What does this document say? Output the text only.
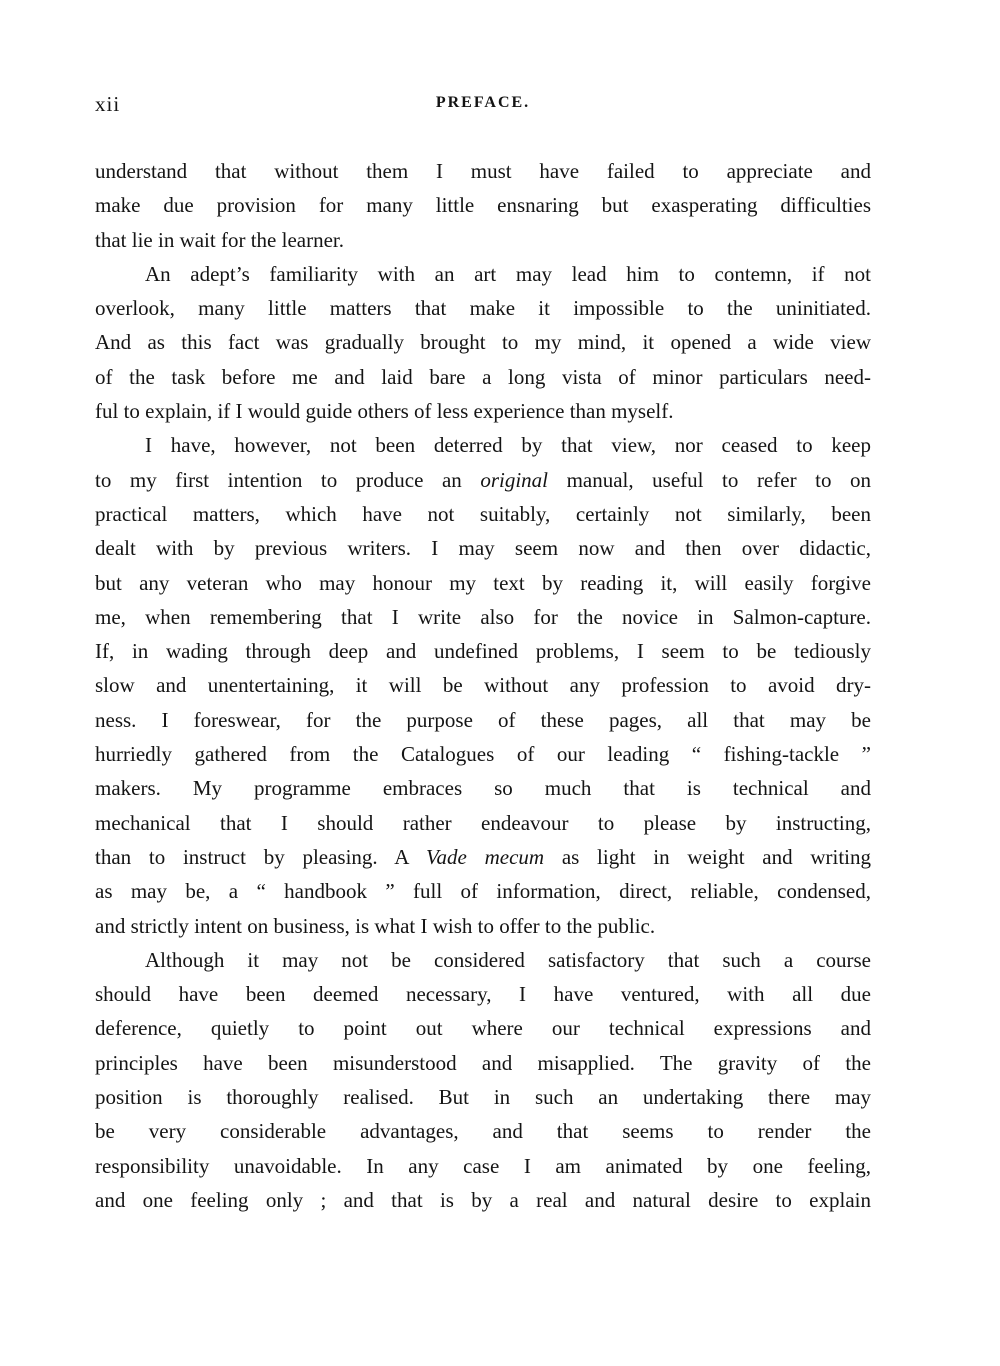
xii	PREFACE.

understand that without them I must have failed to appreciate and
make due provision for many little ensnaring but exasperating difficulties
that lie in wait for the learner.

An adept’s familiarity with an art may lead him to contemn, if not
overlook, many little matters that make it impossible to the uninitiated.
And as this fact was gradually brought to my mind, it opened a wide view
of the task before me and laid bare a long vista of minor particulars need-
ful to explain, if I would guide others of less experience than myself.

I have, however, not been deterred by that view, nor ceased to keep
to my first intention to produce an original manual, useful to refer to on
practical matters, which have not suitably, certainly not similarly, been
dealt with by previous writers. I may seem now and then over didactic,
but any veteran who may honour my text by reading it, will easily forgive
me, when remembering that I write also for the novice in Salmon-capture.
If, in wading through deep and undefined problems, I seem to be tediously
slow and unentertaining, it will be without any profession to avoid dry-
ness. I foreswear, for the purpose of these pages, all that may be
hurriedly gathered from the Catalogues of our leading “ fishing-tackle ”
makers. My programme embraces so much that is technical and
mechanical that I should rather endeavour to please by instructing,
than to instruct by pleasing. A Vade mecum as light in weight and writing
as may be, a “ handbook ” full of information, direct, reliable, condensed,
and strictly intent on business, is what I wish to offer to the public.

Although it may not be considered satisfactory that such a course
should have been deemed necessary, I have ventured, with all due
deference, quietly to point out where our technical expressions and
principles have been misunderstood and misapplied. The gravity of the
position is thoroughly realised. But in such an undertaking there may
be very considerable advantages, and that seems to render the
responsibility unavoidable. In any case I am animated by one feeling,
and one feeling only ; and that is by a real and natural desire to explain
